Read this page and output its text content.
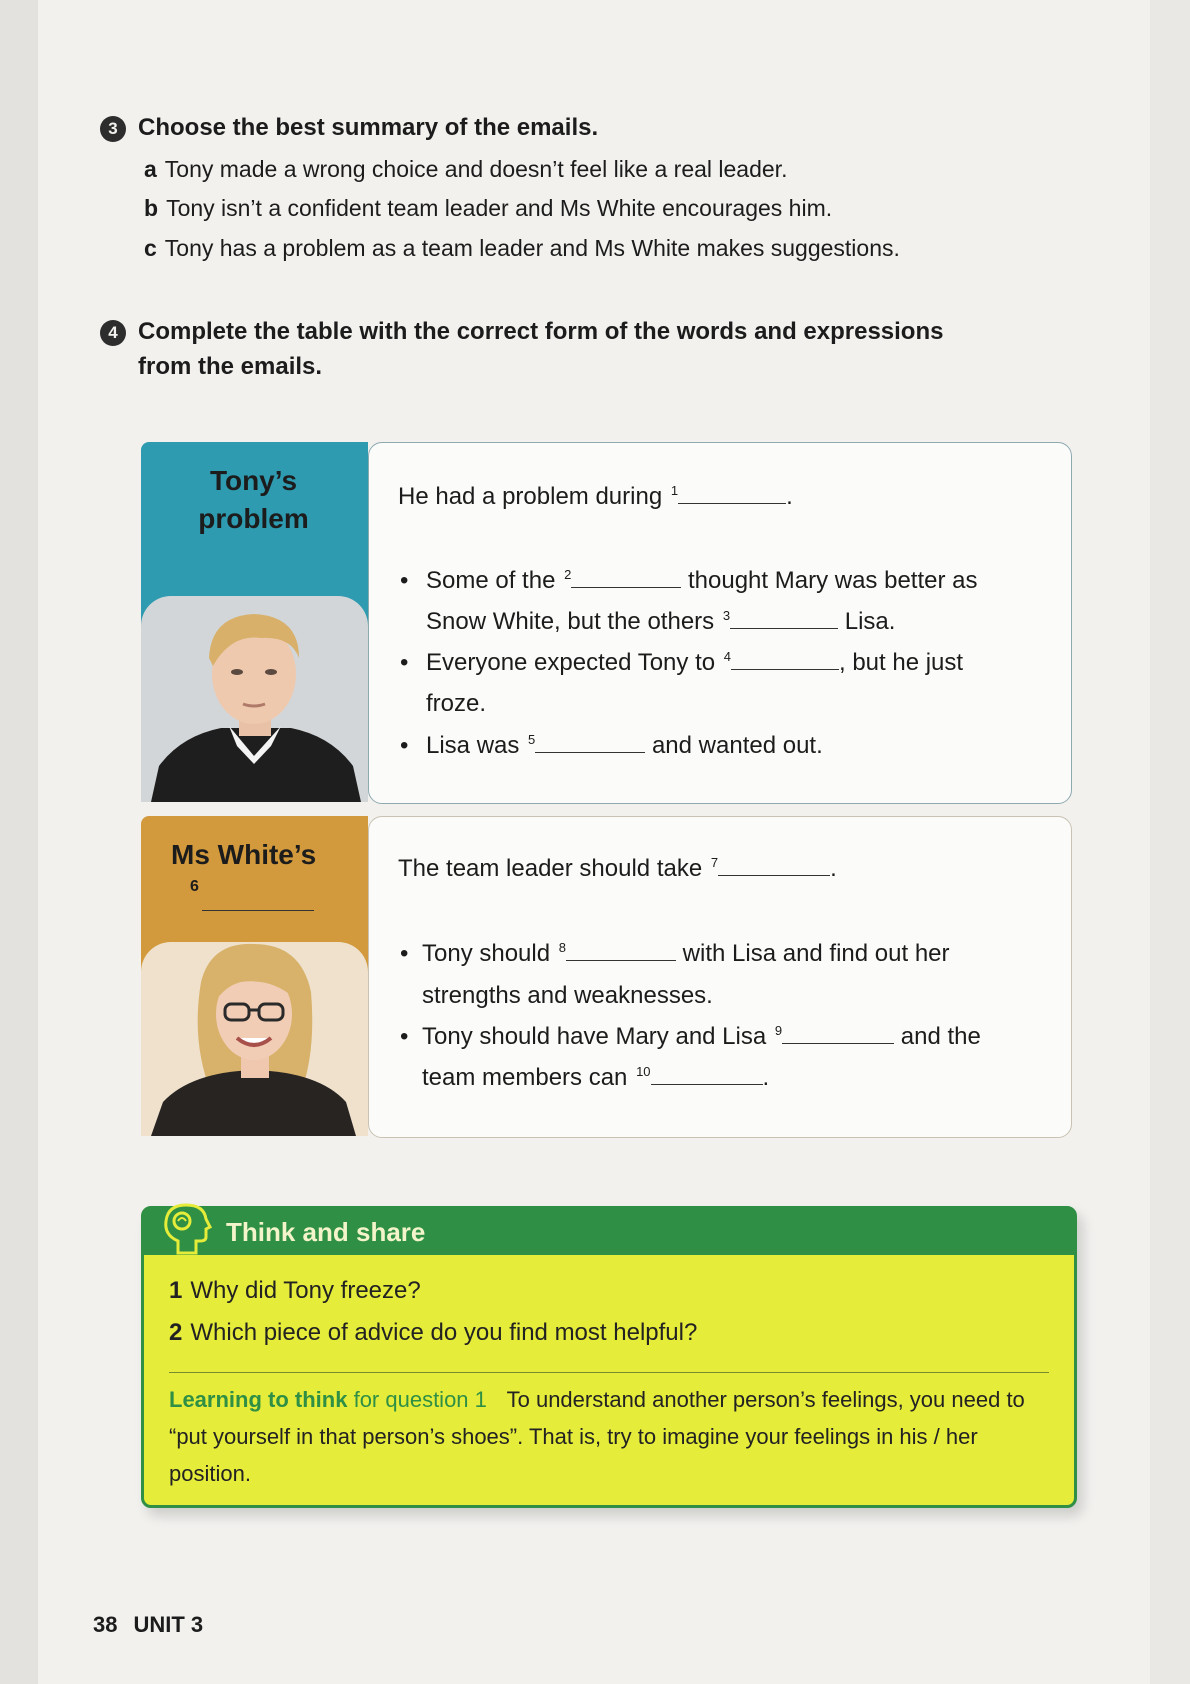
3 Choose the best summary of the emails.
a Tony made a wrong choice and doesn’t feel like a real leader.
b Tony isn’t a confident team leader and Ms White encourages him.
c Tony has a problem as a team leader and Ms White makes suggestions.
4 Complete the table with the correct form of the words and expressions
from the emails.
Tony’s
problem
He had a problem during $^1$	.
• Some of the $^2$	thought Mary was better as
Snow White, but the others $^3$	Lisa.
• Everyone expected Tony to $^4$	, but he just
froze.
• Lisa was $^5$	and wanted out.
Ms White’s
6
The team leader should take $^7$	.
• Tony should $^8$	with Lisa and find out her
strengths and weaknesses.
• Tony should have Mary and Lisa $^9$	and the
team members can $^{10}$	.
Think and share
1 Why did Tony freeze?
2 Which piece of advice do you find most helpful?
Learning to think for question 1 To understand another person’s feelings, you need to “put yourself in that person’s shoes”. That is, try to imagine your feelings in his / her position.
38 UNIT 3
